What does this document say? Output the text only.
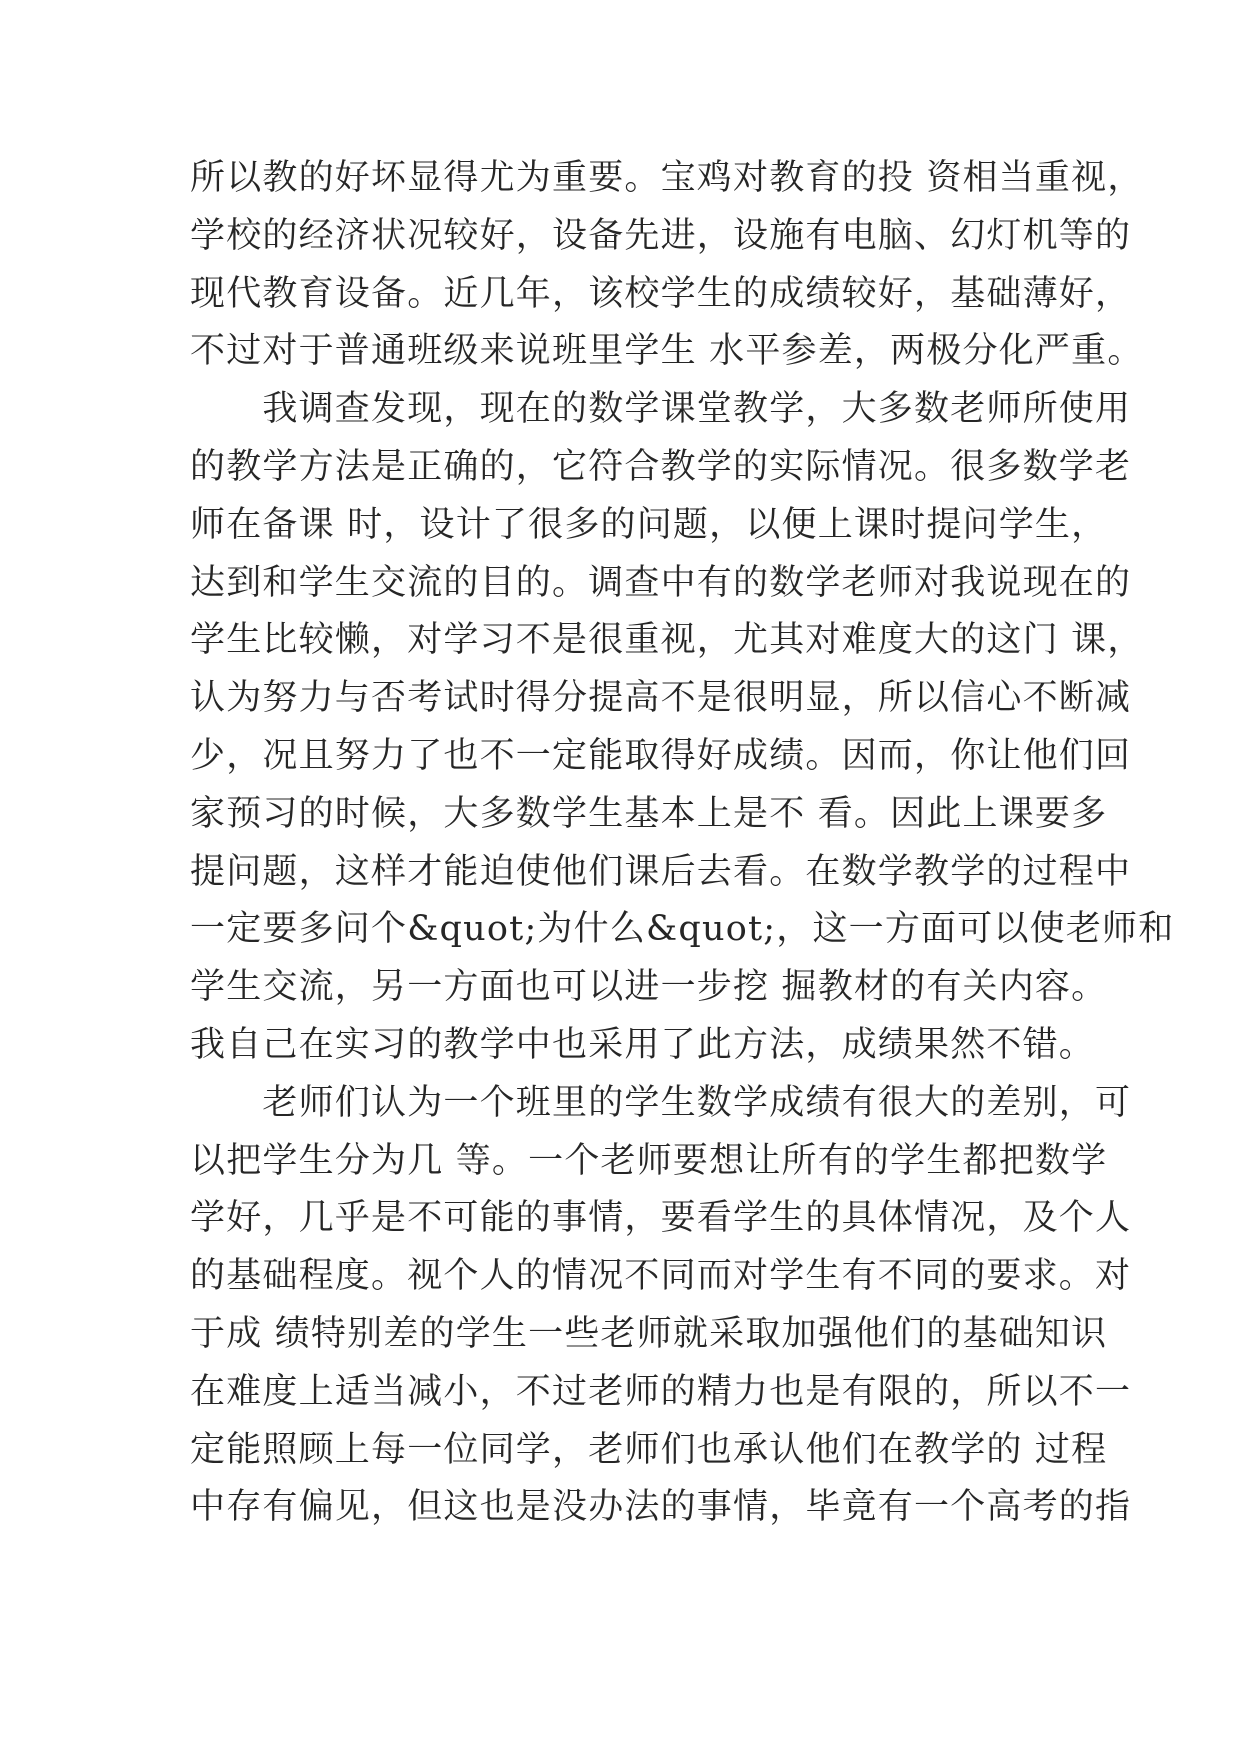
所以教的好坏显得尤为重要。宝鸡对教育的投 资相当重视，
学校的经济状况较好，设备先进，设施有电脑、幻灯机等的
现代教育设备。近几年，该校学生的成绩较好，基础薄好，
不过对于普通班级来说班里学生 水平参差，两极分化严重。
　　我调查发现，现在的数学课堂教学，大多数老师所使用
的教学方法是正确的，它符合教学的实际情况。很多数学老
师在备课 时，设计了很多的问题，以便上课时提问学生，
达到和学生交流的目的。调查中有的数学老师对我说现在的
学生比较懒，对学习不是很重视，尤其对难度大的这门 课，
认为努力与否考试时得分提高不是很明显，所以信心不断减
少，况且努力了也不一定能取得好成绩。因而，你让他们回
家预习的时候，大多数学生基本上是不 看。因此上课要多
提问题，这样才能迫使他们课后去看。在数学教学的过程中
一定要多问个&quot;为什么&quot;，这一方面可以使老师和
学生交流，另一方面也可以进一步挖 掘教材的有关内容。
我自己在实习的教学中也采用了此方法，成绩果然不错。
　　老师们认为一个班里的学生数学成绩有很大的差别，可
以把学生分为几 等。一个老师要想让所有的学生都把数学
学好，几乎是不可能的事情，要看学生的具体情况，及个人
的基础程度。视个人的情况不同而对学生有不同的要求。对
于成 绩特别差的学生一些老师就采取加强他们的基础知识
在难度上适当减小，不过老师的精力也是有限的，所以不一
定能照顾上每一位同学，老师们也承认他们在教学的 过程
中存有偏见，但这也是没办法的事情，毕竟有一个高考的指
